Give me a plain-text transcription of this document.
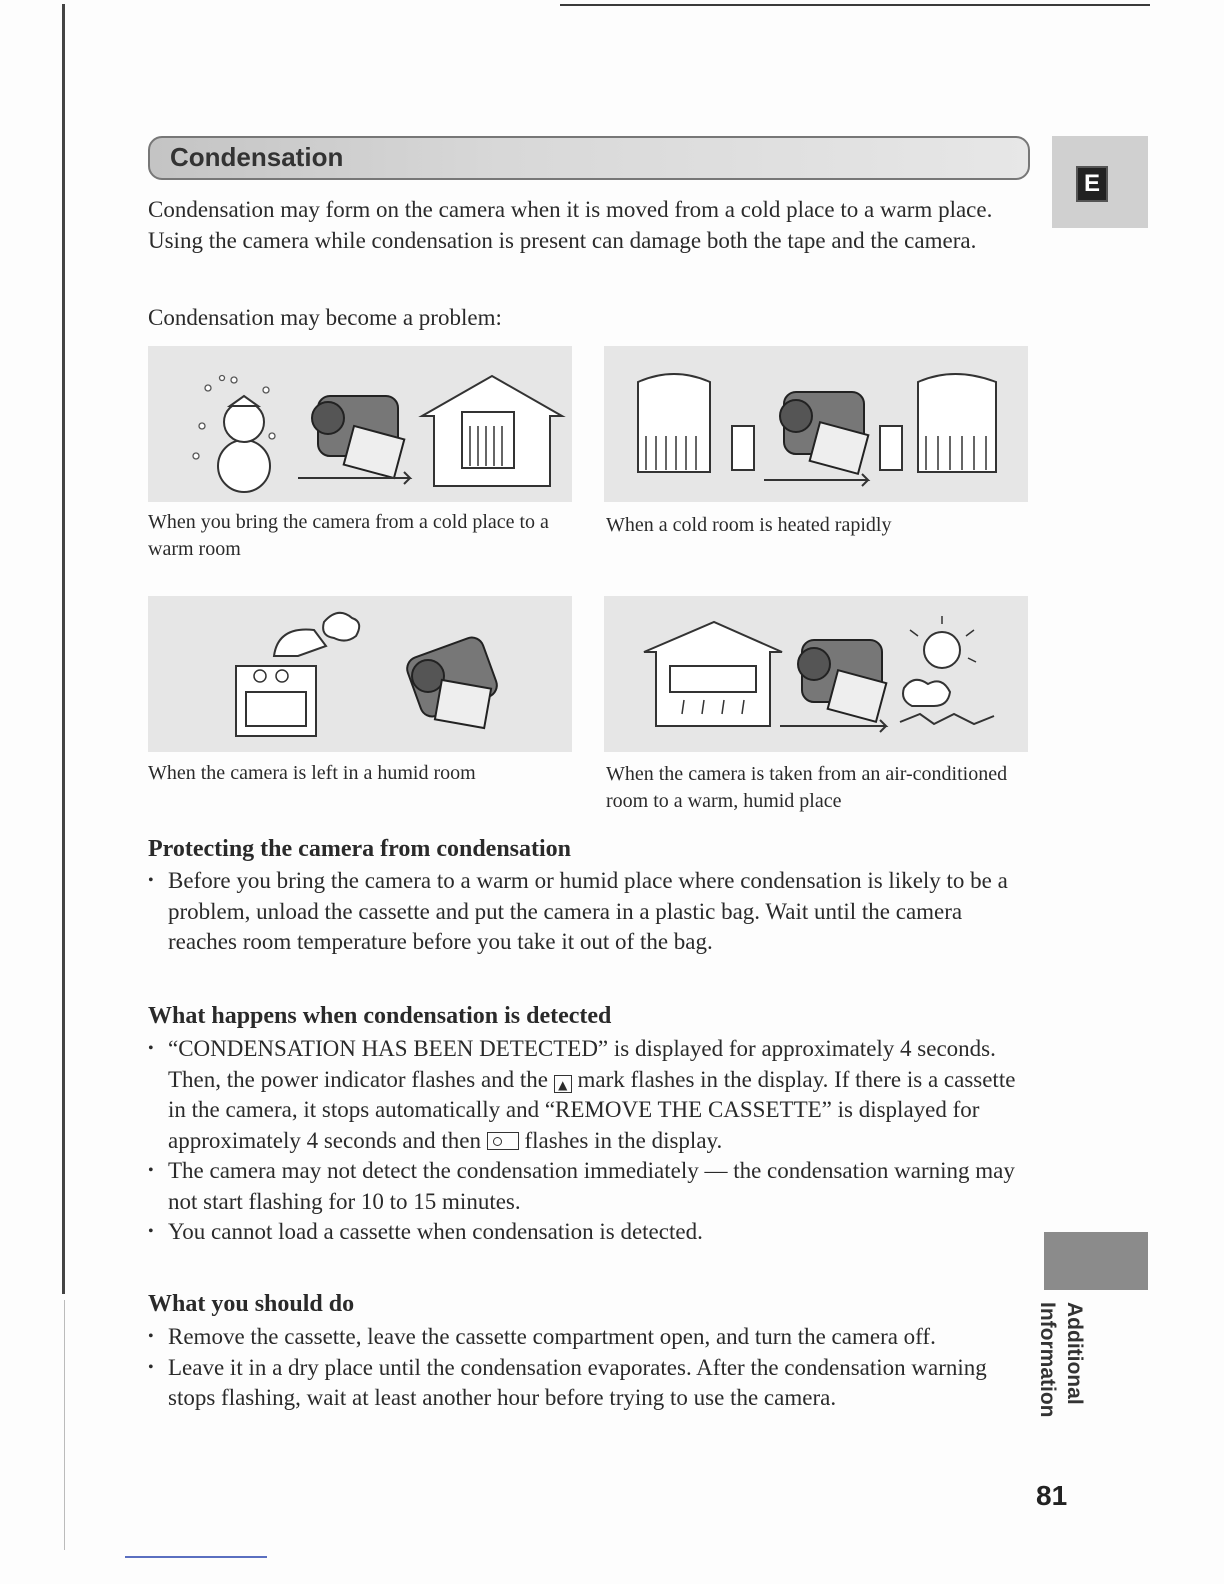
Condensation
E

Condensation may form on the camera when it is moved from a cold place to a warm place. Using the camera while condensation is present can damage both the tape and the camera.

Condensation may become a problem:

When you bring the camera from a cold place to a warm room

When a cold room is heated rapidly

When the camera is left in a humid room	When the camera is taken from an air-conditioned room to a warm, humid place

Protecting the camera from condensation
• Before you bring the camera to a warm or humid place where condensation is likely to be a problem, unload the cassette and put the camera in a plastic bag. Wait until the camera reaches room temperature before you take it out of the bag.
What happens when condensation is detected
• “CONDENSATION HAS BEEN DETECTED” is displayed for approximately 4 seconds. Then, the power indicator flashes and the ▲ mark flashes in the display. If there is a cassette in the camera, it stops automatically and “REMOVE THE CASSETTE” is displayed for approximately 4 seconds and then flashes in the display.
• The camera may not detect the condensation immediately — the condensation warning may not start flashing for 10 to 15 minutes.
• You cannot load a cassette when condensation is detected.
What you should do
• Remove the cassette, leave the cassette compartment open, and turn the camera off.
• Leave it in a dry place until the condensation evaporates. After the condensation warning stops flashing, wait at least another hour before trying to use the camera.	Additional
Information
81
